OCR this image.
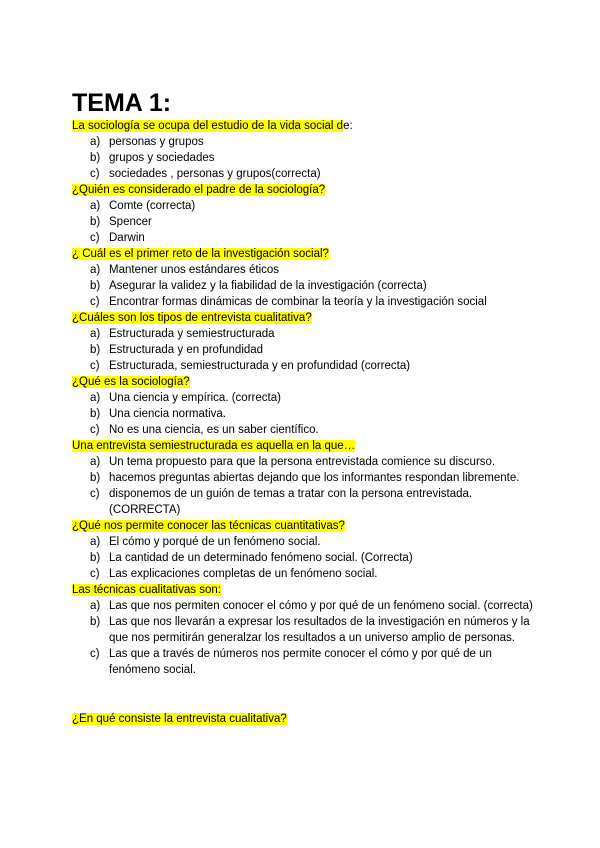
TEMA 1:

La sociología se ocupa del estudio de la vida social de:

a) personas y grupos
b) grupos y sociedades
c) sociedades , personas y grupos(correcta)

¿Quién es considerado el padre de la sociología?

a) Comte (correcta)
b) Spencer
c) Darwin

¿ Cuál es el primer reto de la investigación social?

a) Mantener unos estándares éticos
b) Asegurar la validez y la fiabilidad de la investigación (correcta)
c) Encontrar formas dinámicas de combinar la teoría y la investigación social

¿Cuáles son los tipos de entrevista cualitativa?

a) Estructurada y semiestructurada
b) Estructurada y en profundidad
c) Estructurada, semiestructurada y en profundidad (correcta)

¿Qué es la sociología?

a) Una ciencia y empírica. (correcta)
b) Una ciencia normativa.
c) No es una ciencia, es un saber científico.

Una entrevista semiestructurada es aquella en la que…

a) Un tema propuesto para que la persona entrevistada comience su discurso.
b) hacemos preguntas abiertas dejando que los informantes respondan libremente.
c) disponemos de un guión de temas a tratar con la persona entrevistada. (CORRECTA)

¿Qué nos permite conocer las técnicas cuantitativas?

a) El cómo y porqué de un fenómeno social.
b) La cantidad de un determinado fenómeno social. (Correcta)
c) Las explicaciones completas de un fenómeno social.

Las técnicas cualitativas son:

a) Las que nos permiten conocer el cómo y por qué de un fenómeno social. (correcta)
b) Las que nos llevarán a expresar los resultados de la investigación en números y la que nos permitirán generalzar los resultados a un universo amplio de personas.
c) Las que a través de números nos permite conocer el cómo y por qué de un fenómeno social.

¿En qué consiste la entrevista cualitativa?
